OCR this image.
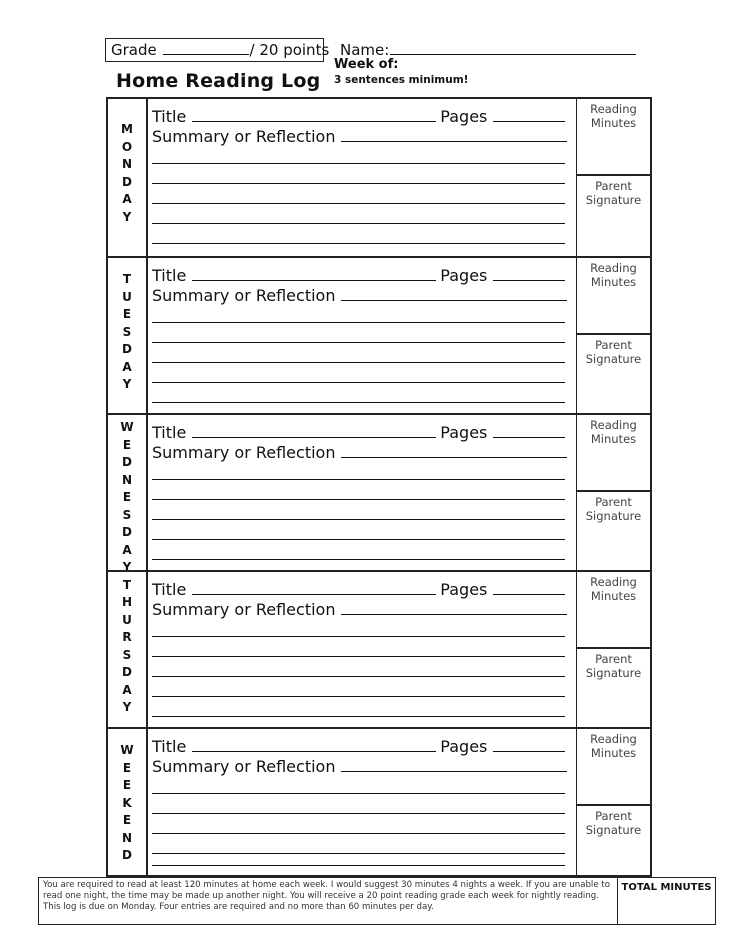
Grade	/ 20 points Name:
Week of:
3 sentences minimum!
Home Reading Log
M
O
N
D
A
Y
Title	Pages
Summary or Reflection
Reading
Minutes
Parent
Signature
T
U
E
S
D
A
Y
Title	Pages
Summary or Reflection
Reading
Minutes
Parent
Signature
W
E
D
N
E
S
D
A
Y
Title	Pages
Summary or Reflection
Reading
Minutes
Parent
Signature
T
H
U
R
S
D
A
Y
Title	Pages
Summary or Reflection
Reading
Minutes
Parent
Signature
W
E
E
K
E
N
D
Title	Pages
Summary or Reflection
Reading
Minutes
Parent
Signature
You are required to read at least 120 minutes at home each week. I would suggest 30 minutes 4 nights a week. If you are unable to read one night, the time may be made up another night. You will receive a 20 point reading grade each week for nightly reading. This log is due on Monday. Four entries are required and no more than 60 minutes per day.
TOTAL MINUTES
